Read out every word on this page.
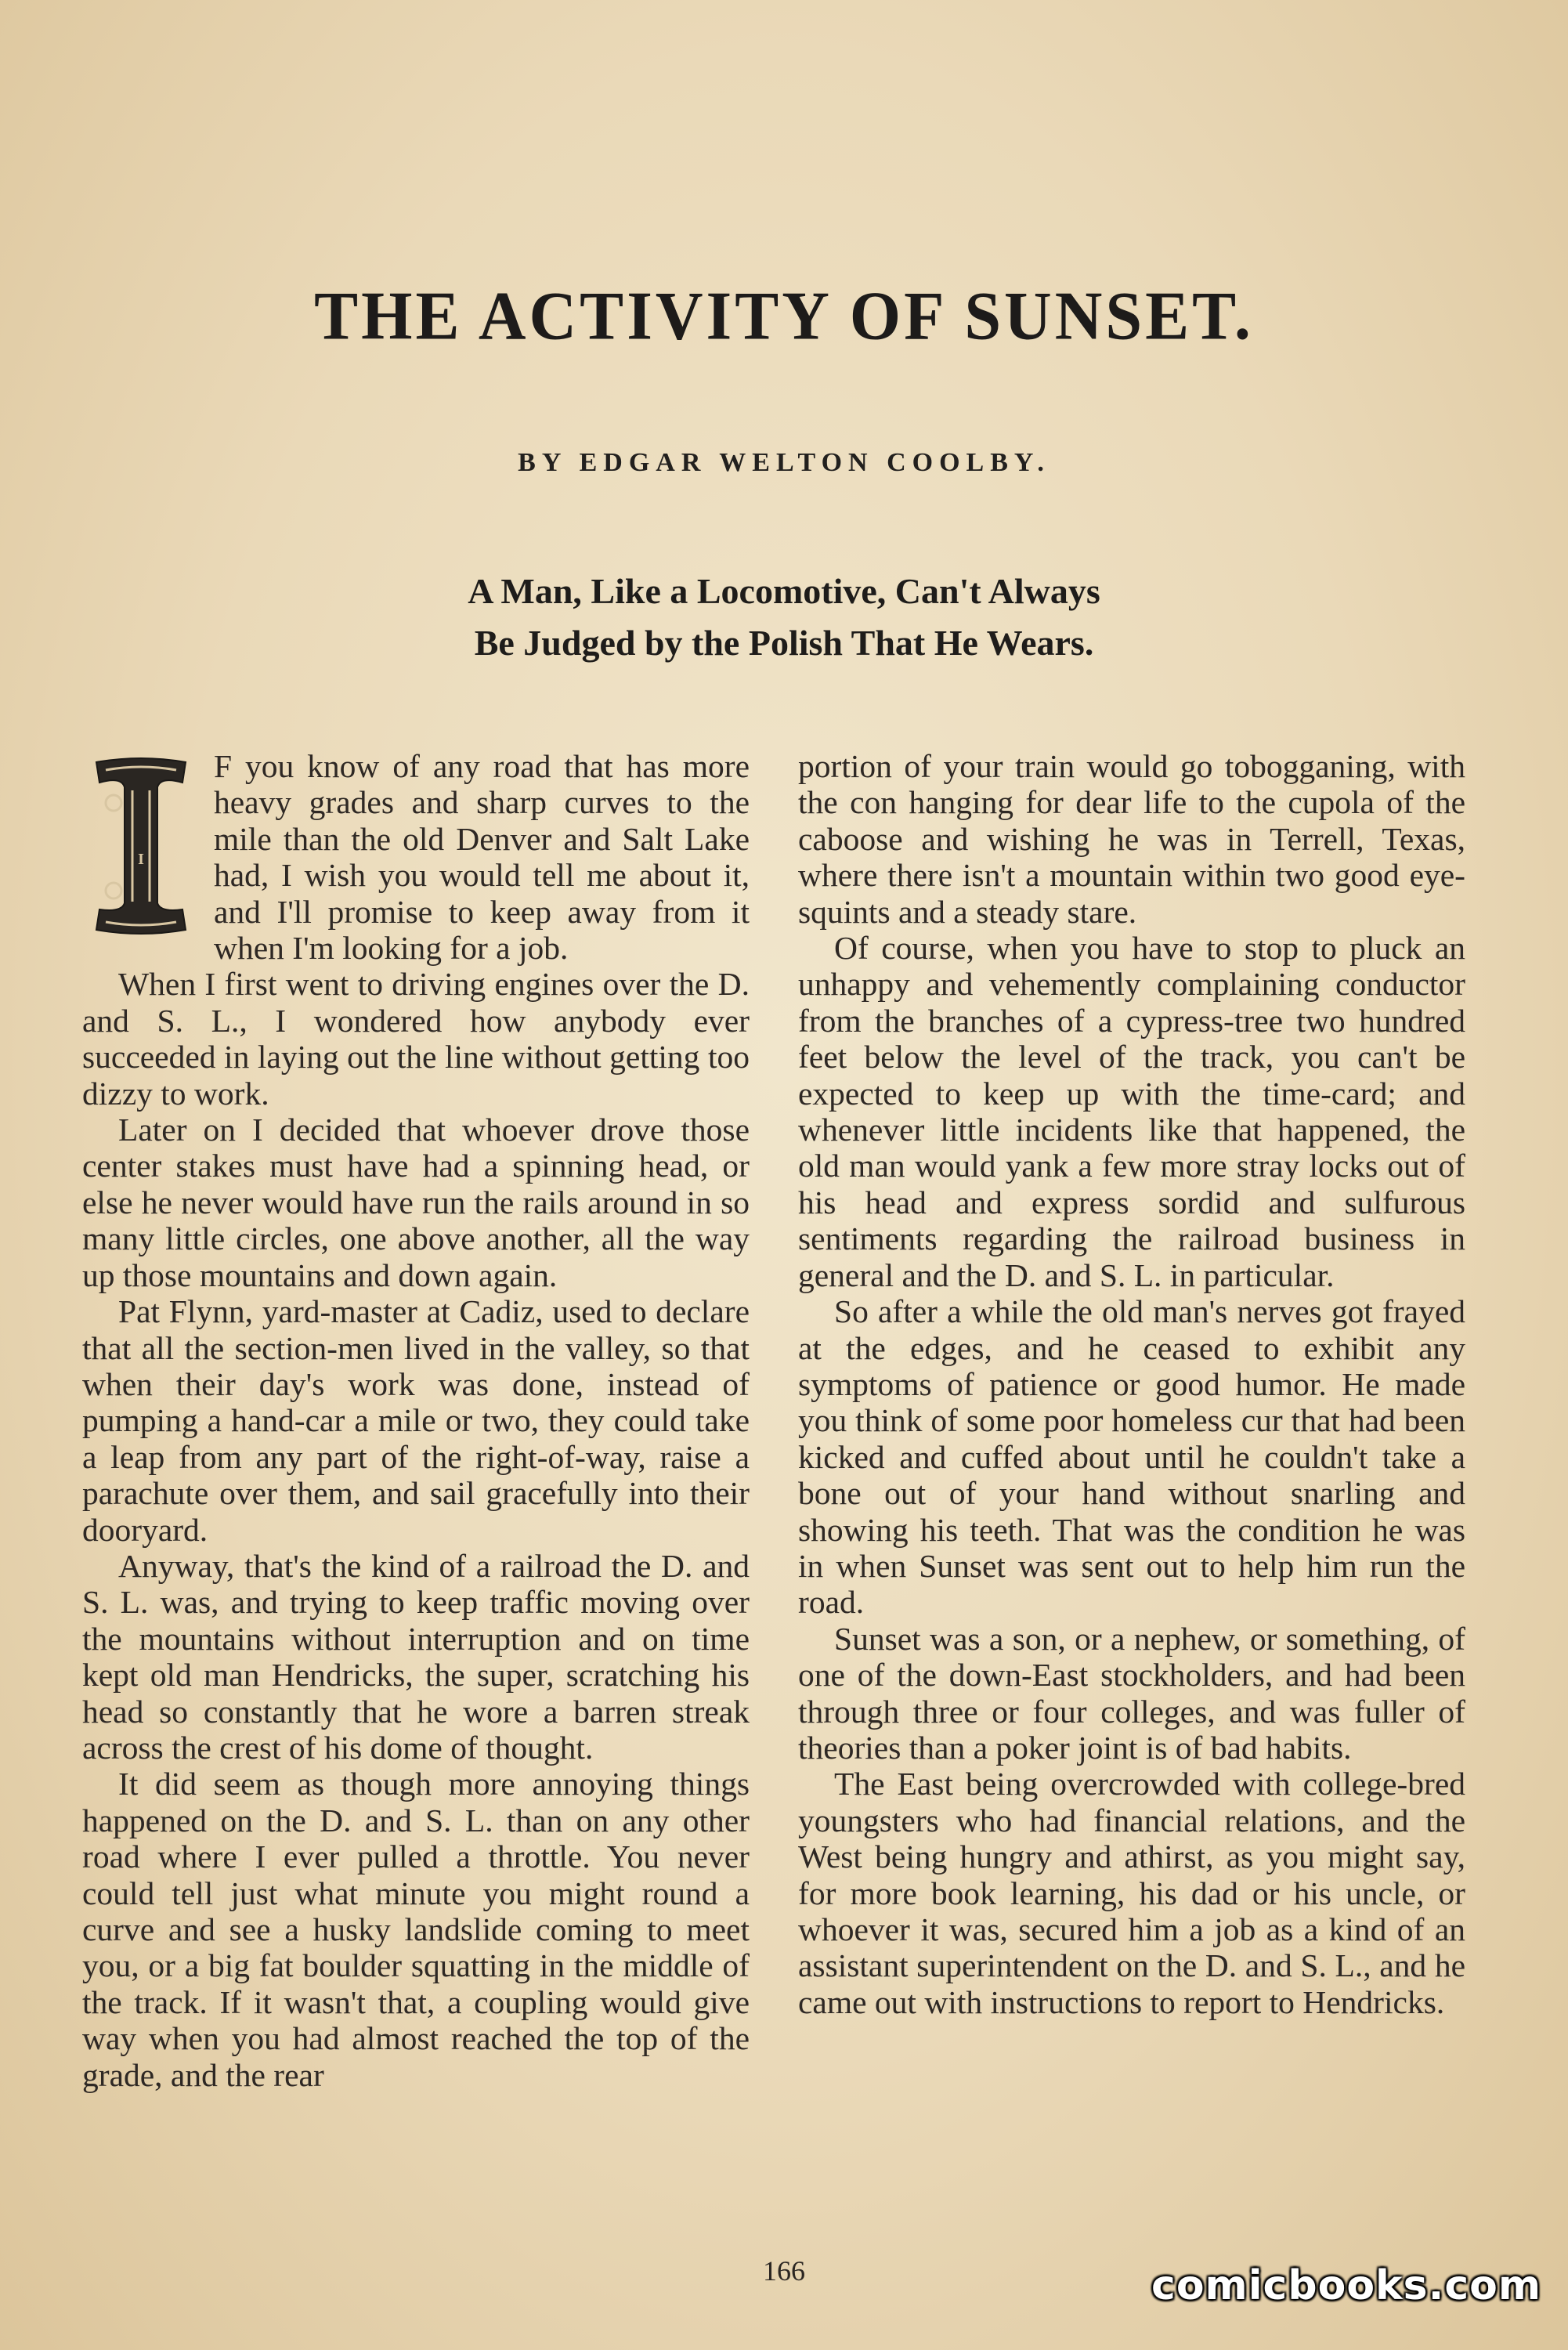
THE ACTIVITY OF SUNSET.
BY EDGAR WELTON COOLBY.
A Man, Like a Locomotive, Can't Always
Be Judged by the Polish That He Wears.
I

F you know of any road that has more heavy grades and sharp curves to the mile than the old Denver and Salt Lake had, I wish you would tell me about it, and I'll promise to keep away from it when I'm looking for a job.

When I first went to driving engines over the D. and S. L., I wondered how anybody ever succeeded in laying out the line without getting too dizzy to work.

Later on I decided that whoever drove those center stakes must have had a spinning head, or else he never would have run the rails around in so many little circles, one above another, all the way up those mountains and down again.

Pat Flynn, yard-master at Cadiz, used to declare that all the section-men lived in the valley, so that when their day's work was done, instead of pumping a hand-car a mile or two, they could take a leap from any part of the right-of-way, raise a parachute over them, and sail gracefully into their dooryard.

Anyway, that's the kind of a railroad the D. and S. L. was, and trying to keep traffic moving over the mountains without interruption and on time kept old man Hendricks, the super, scratching his head so constantly that he wore a barren streak across the crest of his dome of thought.

It did seem as though more annoying things happened on the D. and S. L. than on any other road where I ever pulled a throttle. You never could tell just what minute you might round a curve and see a husky landslide coming to meet you, or a big fat boulder squatting in the middle of the track. If it wasn't that, a coupling would give way when you had almost reached the top of the grade, and the rear

portion of your train would go tobogganing, with the con hanging for dear life to the cupola of the caboose and wishing he was in Terrell, Texas, where there isn't a mountain within two good eye-squints and a steady stare.

Of course, when you have to stop to pluck an unhappy and vehemently complaining conductor from the branches of a cypress-tree two hundred feet below the level of the track, you can't be expected to keep up with the time-card; and whenever little incidents like that happened, the old man would yank a few more stray locks out of his head and express sordid and sulfurous sentiments regarding the railroad business in general and the D. and S. L. in particular.

So after a while the old man's nerves got frayed at the edges, and he ceased to exhibit any symptoms of patience or good humor. He made you think of some poor homeless cur that had been kicked and cuffed about until he couldn't take a bone out of your hand without snarling and showing his teeth. That was the condition he was in when Sunset was sent out to help him run the road.

Sunset was a son, or a nephew, or something, of one of the down-East stockholders, and had been through three or four colleges, and was fuller of theories than a poker joint is of bad habits.

The East being overcrowded with college-bred youngsters who had financial relations, and the West being hungry and athirst, as you might say, for more book learning, his dad or his uncle, or whoever it was, secured him a job as a kind of an assistant superintendent on the D. and S. L., and he came out with instructions to report to Hendricks.

166	comicbooks.com
